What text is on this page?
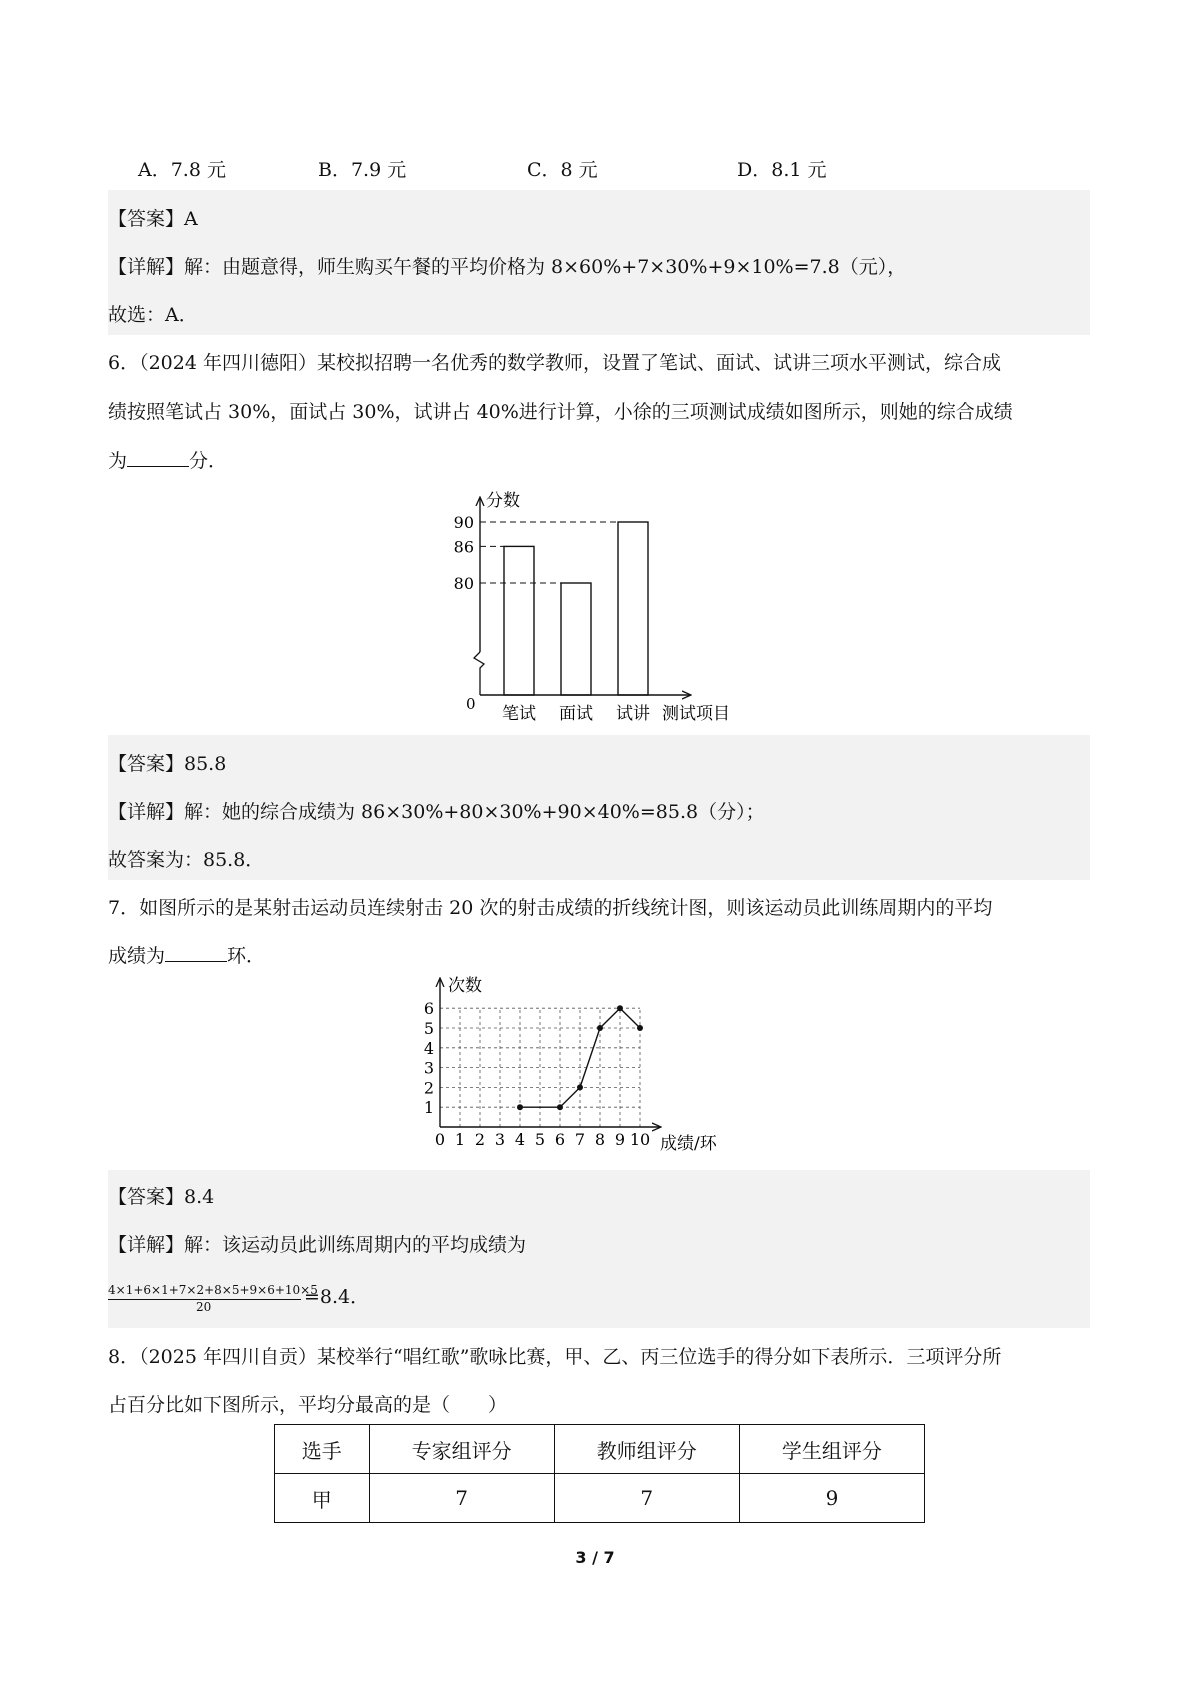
A．7.8 元	B．7.9 元	C．8 元	D．8.1 元
【答案】A
【详解】解：由题意得，师生购买午餐的平均价格为 8×60%+7×30%+9×10%=7.8（元），
故选：A．
6．（2024 年四川德阳）某校拟招聘一名优秀的数学教师，设置了笔试、面试、试讲三项水平测试，综合成
绩按照笔试占 30%，面试占 30%，试讲占 40%进行计算，小徐的三项测试成绩如图所示，则她的综合成绩
为	分．
分数
0	测试项目
笔试 面试 试讲
80
86
90
【答案】85.8
【详解】解：她的综合成绩为 86×30%+80×30%+90×40%=85.8（分）；
故答案为：85.8．
7．如图所示的是某射击运动员连续射击 20 次的射击成绩的折线统计图，则该运动员此训练周期内的平均
成绩为	环．
次数
成绩/环
0 1 2 3 4 5 6 7 8 9 10
1
2
3
4
5
6
【答案】8.4
【详解】解：该运动员此训练周期内的平均成绩为
4×1+6×1+7×2+8×5+9×6+10×5
20	=8.4．
8．（2025 年四川自贡）某校举行“唱红歌”歌咏比赛，甲、乙、丙三位选手的得分如下表所示．三项评分所
占百分比如下图所示，平均分最高的是（　　）
选手	专家组评分	教师组评分	学生组评分
甲	7	7	9
3 / 7
